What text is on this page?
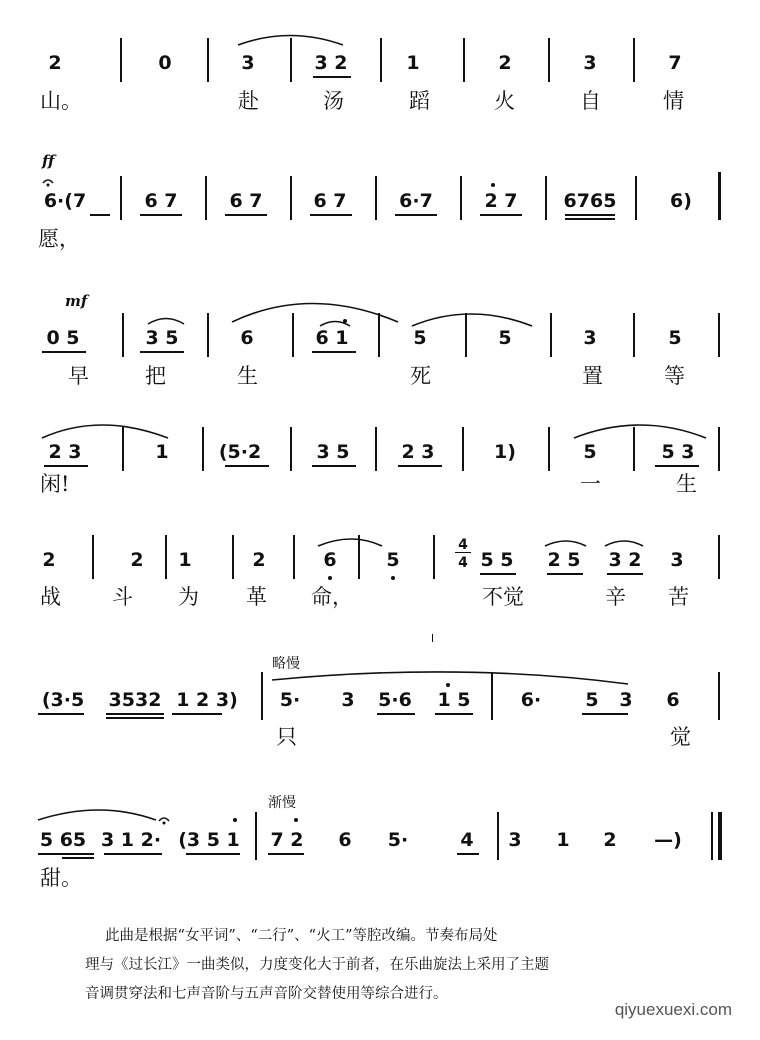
2	0	3	3 2	1	2	3	7
山。	赴	汤	蹈	火	自	情
ff
6·(7	6 7	6 7	6 7	6·7	2 7	6765	6)
愿，
mf
0 5	3 5	6	6 1	5	5	3	5
早	把	生	死	置	等
2 3	1	(5·2	3 5	2 3	1)	5	5 3
闲!	一	生
2	2	1	2	6	5
4
4 5 5	2 5	3 2	3
战 斗 为 革 命，	不觉	辛 苦
略慢
(3·5	3532 1 2 3)	5·	3	5·6	1 5	6·	5	3	6
只	觉
渐慢
5 65 3 1 2· (3 5 1	7 2	6	5·	4	3	1	2	—)
甜。
此曲是根据“女平词”、“二行”、“火工”等腔改编。节奏布局处
理与《过长江》一曲类似，力度变化大于前者，在乐曲旋法上采用了主题
音调贯穿法和七声音阶与五声音阶交替使用等综合进行。
qiyuexuexi.com
